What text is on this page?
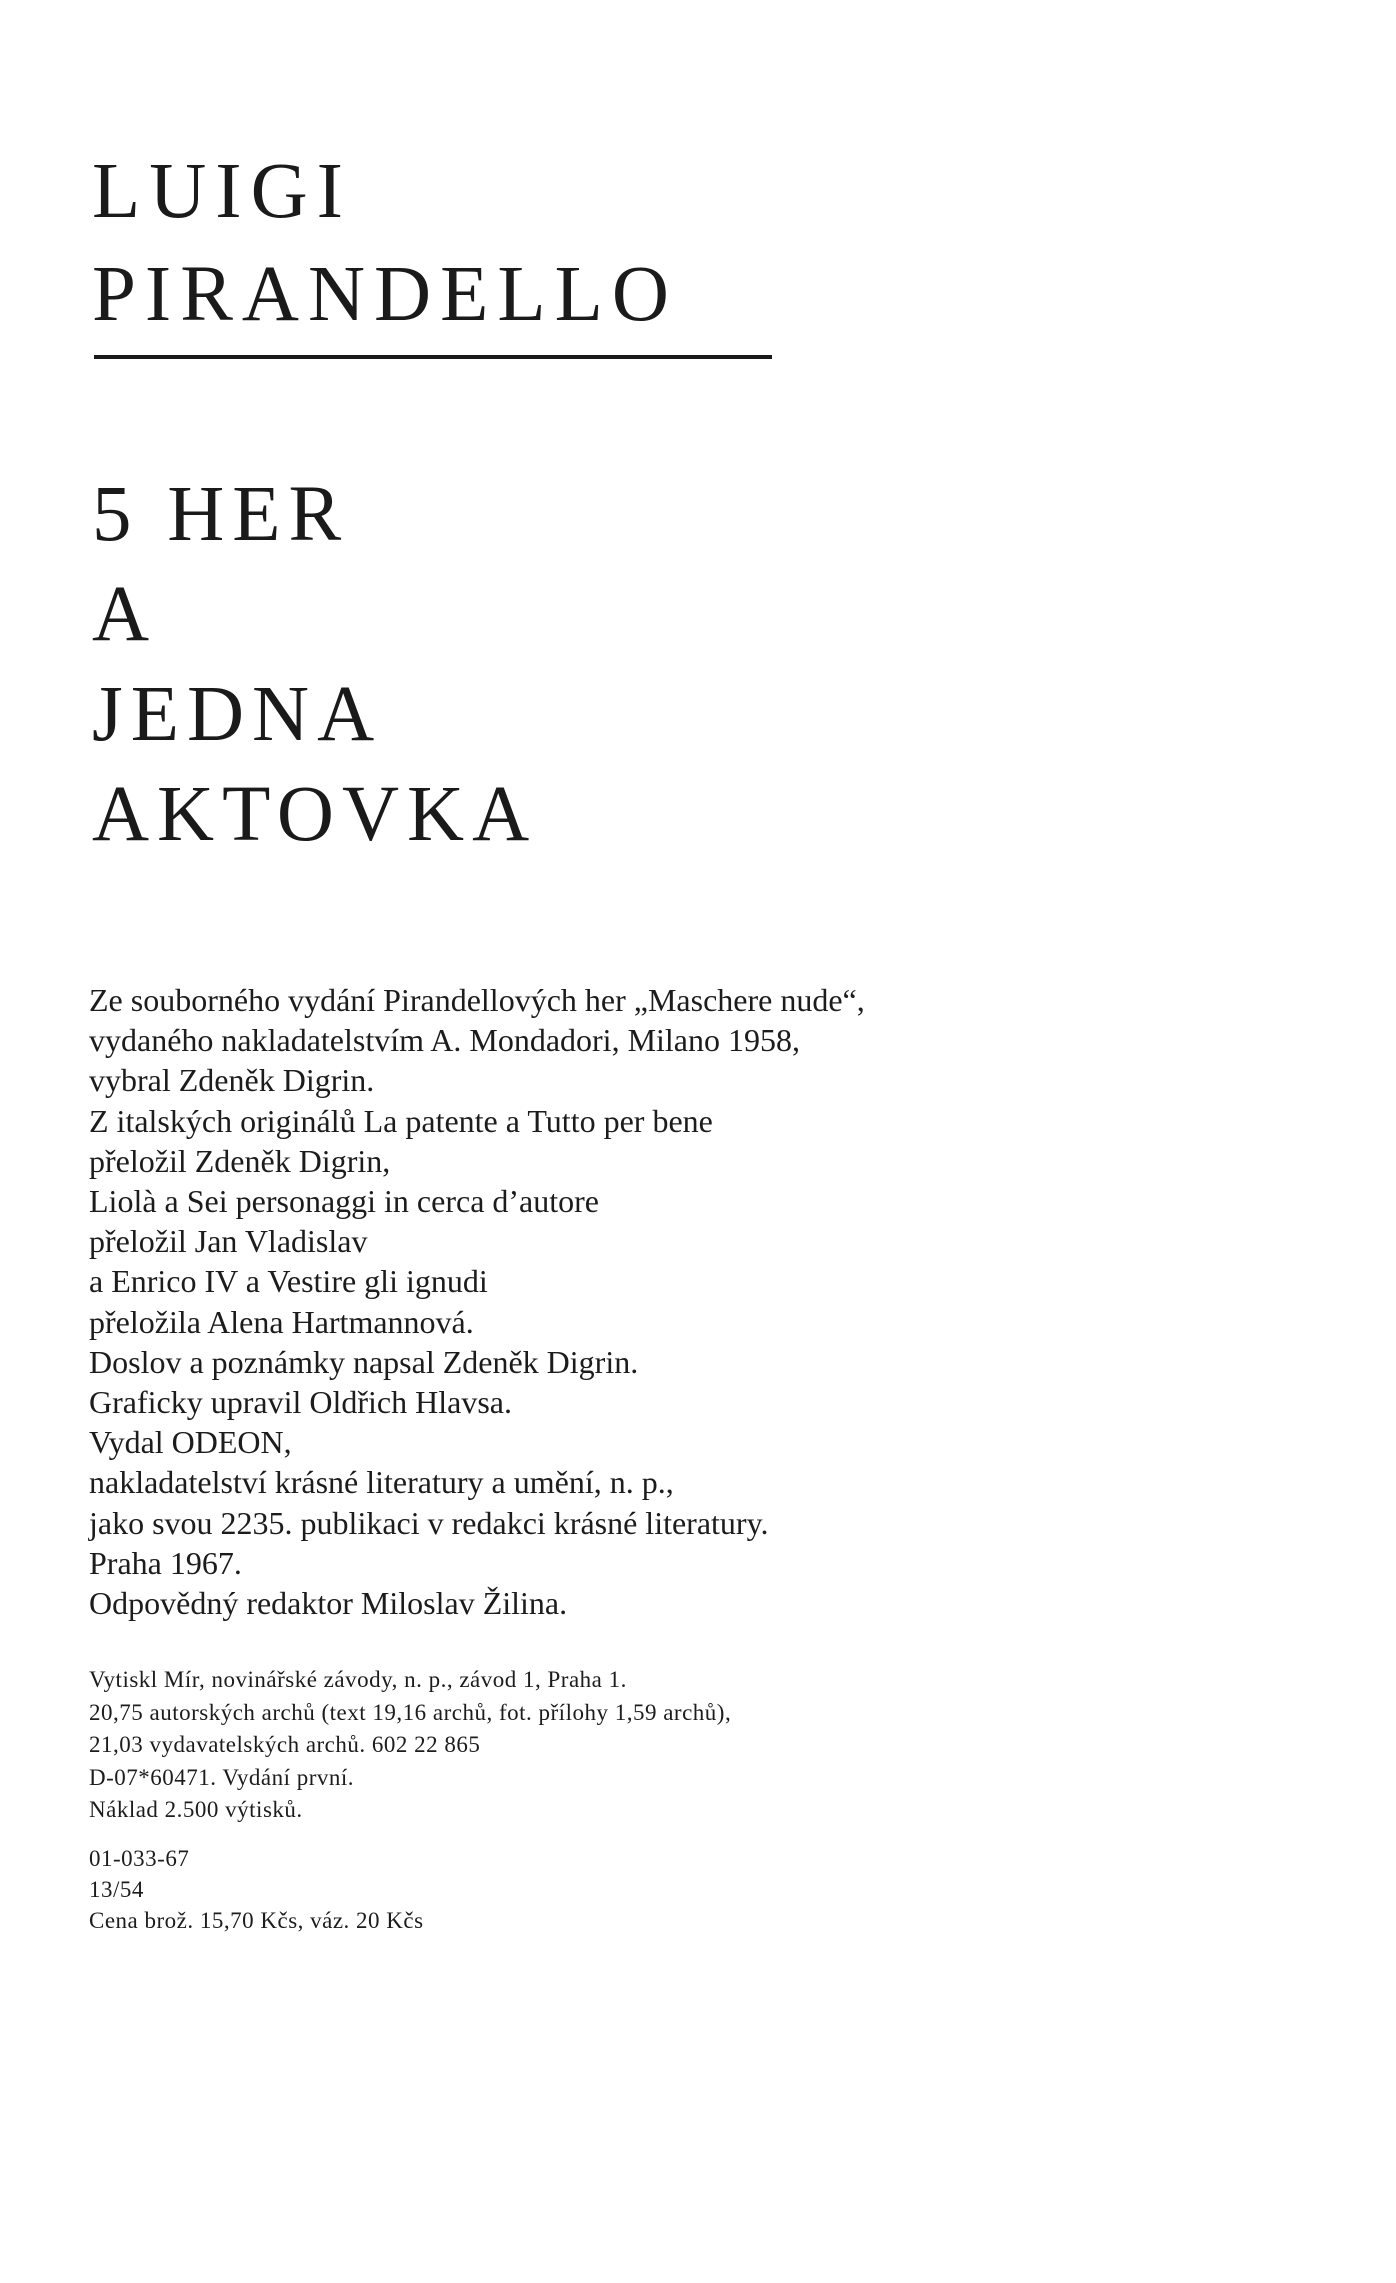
LUIGI
PIRANDELLO
5 HER
A
JEDNA
AKTOVKA
Ze souborného vydání Pirandellových her „Maschere nude“,
vydaného nakladatelstvím A. Mondadori, Milano 1958,
vybral Zdeněk Digrin.
Z italských originálů La patente a Tutto per bene
přeložil Zdeněk Digrin,
Liolà a Sei personaggi in cerca d’autore
přeložil Jan Vladislav
a Enrico IV a Vestire gli ignudi
přeložila Alena Hartmannová.
Doslov a poznámky napsal Zdeněk Digrin.
Graficky upravil Oldřich Hlavsa.
Vydal ODEON,
nakladatelství krásné literatury a umění, n. p.,
jako svou 2235. publikaci v redakci krásné literatury.
Praha 1967.
Odpovědný redaktor Miloslav Žilina.
Vytiskl Mír, novinářské závody, n. p., závod 1, Praha 1.
20,75 autorských archů (text 19,16 archů, fot. přílohy 1,59 archů),
21,03 vydavatelských archů. 602 22 865
D-07*60471. Vydání první.
Náklad 2.500 výtisků.
01-033-67
13/54
Cena brož. 15,70 Kčs, váz. 20 Kčs
